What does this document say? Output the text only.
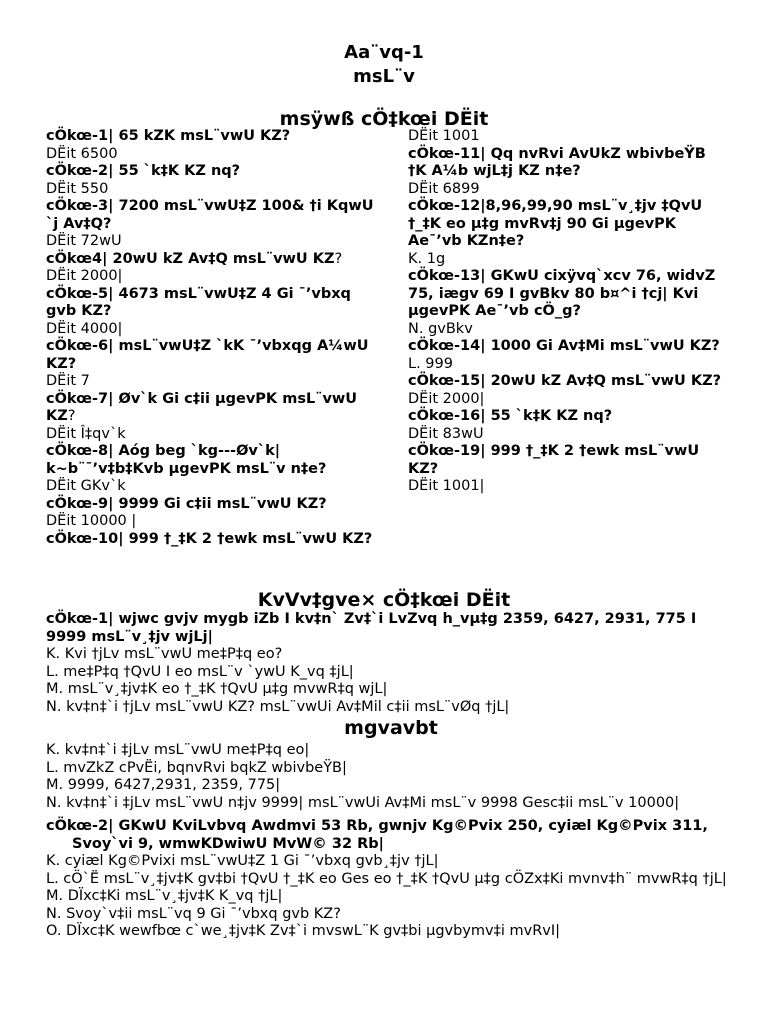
Aa¨vq-1
msL¨v
msÿwß cÖ‡kœi DËit
cÖkœ-1| 65 kZK msL¨vwU KZ?
DËit 6500
cÖkœ-2| 55 `k‡K KZ nq?
DËit 550
cÖkœ-3| 7200 msL¨vwU‡Z 100& †i KqwU `j Av‡Q?
DËit 72wU
cÖkœ4| 20wU kZ Av‡Q msL¨vwU KZ?
DËit 2000|
cÖkœ-5| 4673 msL¨vwU‡Z 4 Gi ¯’vbxq gvb KZ?
DËit 4000|
cÖkœ-6| msL¨vwU‡Z `kK ¯’vbxqg A¼wU KZ?
DËit 7
cÖkœ-7| Øv`k Gi c‡ii µgevPK msL¨vwU KZ?
DËit Î‡qv`k
cÖkœ-8| Aóg beg `kg---Øv`k| k~b¨¯’v‡b‡Kvb µgevPK msL¨v n‡e?
DËit GKv`k
cÖkœ-9| 9999 Gi c‡ii msL¨vwU KZ?
DËit 10000 |
cÖkœ-10| 999 †_‡K 2 †ewk msL¨vwU KZ?
DËit 1001
cÖkœ-11| Qq nvRvi AvUkZ wbivbeŸB †K A¼b wjL‡j KZ n‡e?
DËit 6899
cÖkœ-12|8,96,99,90 msL¨v¸‡jv ‡QvU †_‡K eo µ‡g mvRv‡j 90 Gi µgevPK Ae¯’vb KZn‡e?
K. 1g
cÖkœ-13| GKwU cixÿvq`xcv 76, widvZ 75, iægv 69 I gvBkv 80 b¤^i †cj| Kvi µgevPK Ae¯’vb cÖ_g?
N. gvBkv
cÖkœ-14| 1000 Gi Av‡Mi msL¨vwU KZ?
L. 999
cÖkœ-15| 20wU kZ Av‡Q msL¨vwU KZ?
DËit 2000|
cÖkœ-16| 55 `k‡K KZ nq?
DËit 83wU
cÖkœ-19| 999 †_‡K 2 †ewk msL¨vwU KZ?
DËit 1001|
KvVv‡gve× cÖ‡kœi DËit
cÖkœ-1| wjwc gvjv mygb iZb I kv‡n` Zv‡`i LvZvq h_vµ‡g 2359, 6427, 2931, 775 I 9999 msL¨v¸‡jv wjLj|
K. Kvi †jLv msL¨vwU me‡P‡q eo?
L. me‡P‡q †QvU I eo msL¨v `ywU K_vq ‡jL|
M. msL¨v¸‡jv‡K eo †_‡K †QvU µ‡g mvwR‡q wjL|
N. kv‡n‡`i †jLv msL¨vwU KZ? msL¨vwUi Av‡Mil c‡ii msL¨vØq †jL|
mgvavbt
K. kv‡n‡`i ‡jLv msL¨vwU me‡P‡q eo|
L. mvZkZ cPvËi, bqnvRvi bqkZ wbivbeŸB|
M. 9999, 6427,2931, 2359, 775|
N. kv‡n‡`i ‡jLv msL¨vwU n‡jv 9999| msL¨vwUi Av‡Mi msL¨v 9998 Gesc‡ii msL¨v 10000|
cÖkœ-2| GKwU KviLvbvq Awdmvi 53 Rb, gwnjv Kg©Pvix 250, cyiæl Kg©Pvix 311, Svoy`vi 9, wmwKDwiwU MvW© 32 Rb|
K. cyiæl Kg©Pvixi msL¨vwU‡Z 1 Gi ¯’vbxq gvb¸‡jv †jL|
L. cÖ`Ë msL¨v¸‡jv‡K gv‡bi †QvU †_‡K eo Ges eo †_‡K †QvU µ‡g cÖZx‡Ki mvnv‡h¨ mvwR‡q †jL|
M. DÏxc‡Ki msL¨v¸‡jv‡K K_vq †jL|
N. Svoy`v‡ii msL¨vq 9 Gi ¯’vbxq gvb KZ?
O. DÏxc‡K wewfbœ c`we¸‡jv‡K Zv‡`i mvswL¨K gv‡bi µgvbymv‡i mvRvI|
